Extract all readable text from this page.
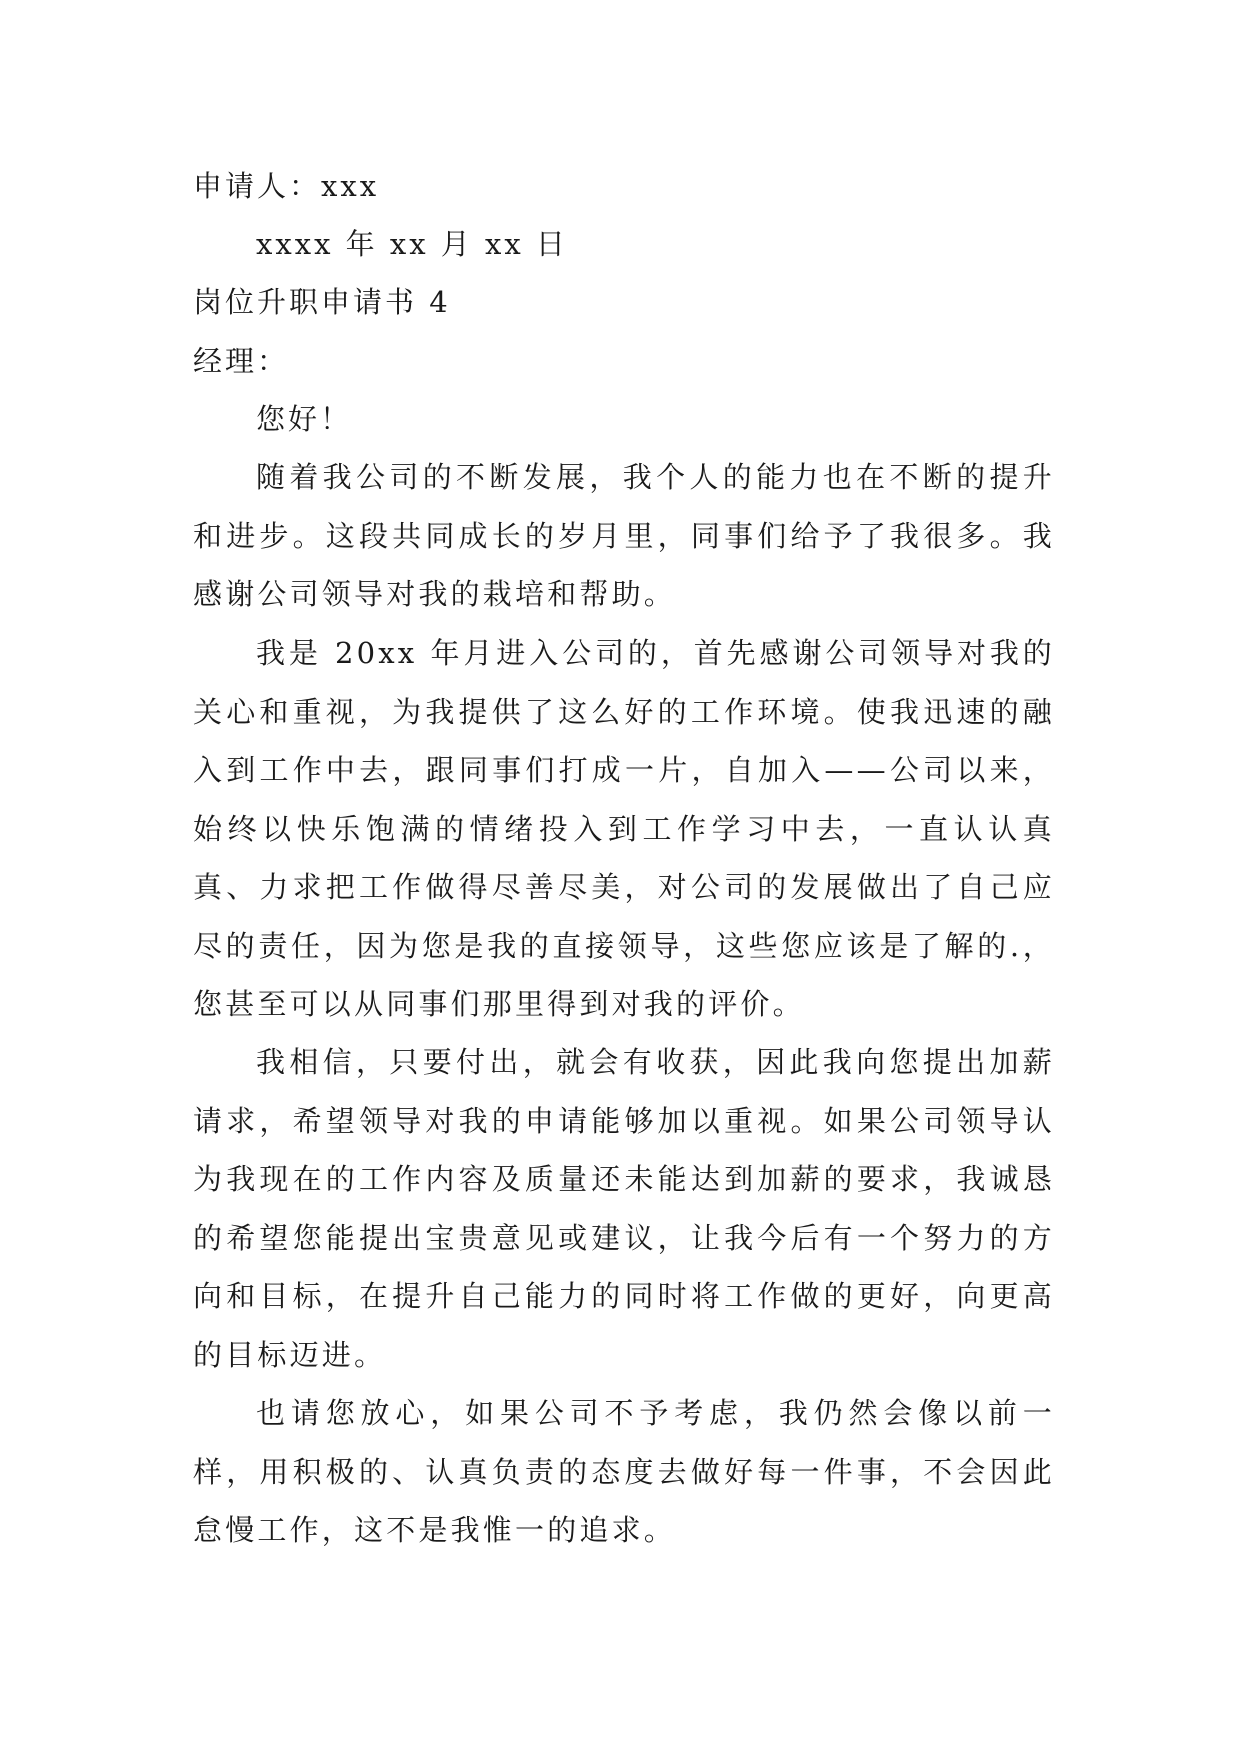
申请人：xxx
xxxx 年 xx 月 xx 日
岗位升职申请书 4
经理：
您好！
随着我公司的不断发展，我个人的能力也在不断的提升和进步。这段共同成长的岁月里，同事们给予了我很多。我感谢公司领导对我的栽培和帮助。
我是 20xx 年月进入公司的，首先感谢公司领导对我的关心和重视，为我提供了这么好的工作环境。使我迅速的融入到工作中去，跟同事们打成一片，自加入——公司以来，始终以快乐饱满的情绪投入到工作学习中去，一直认认真真、力求把工作做得尽善尽美，对公司的发展做出了自己应尽的责任，因为您是我的直接领导，这些您应该是了解的.，您甚至可以从同事们那里得到对我的评价。
我相信，只要付出，就会有收获，因此我向您提出加薪请求，希望领导对我的申请能够加以重视。如果公司领导认为我现在的工作内容及质量还未能达到加薪的要求，我诚恳的希望您能提出宝贵意见或建议，让我今后有一个努力的方向和目标，在提升自己能力的同时将工作做的更好，向更高的目标迈进。
也请您放心，如果公司不予考虑，我仍然会像以前一样，用积极的、认真负责的态度去做好每一件事，不会因此怠慢工作，这不是我惟一的追求。
